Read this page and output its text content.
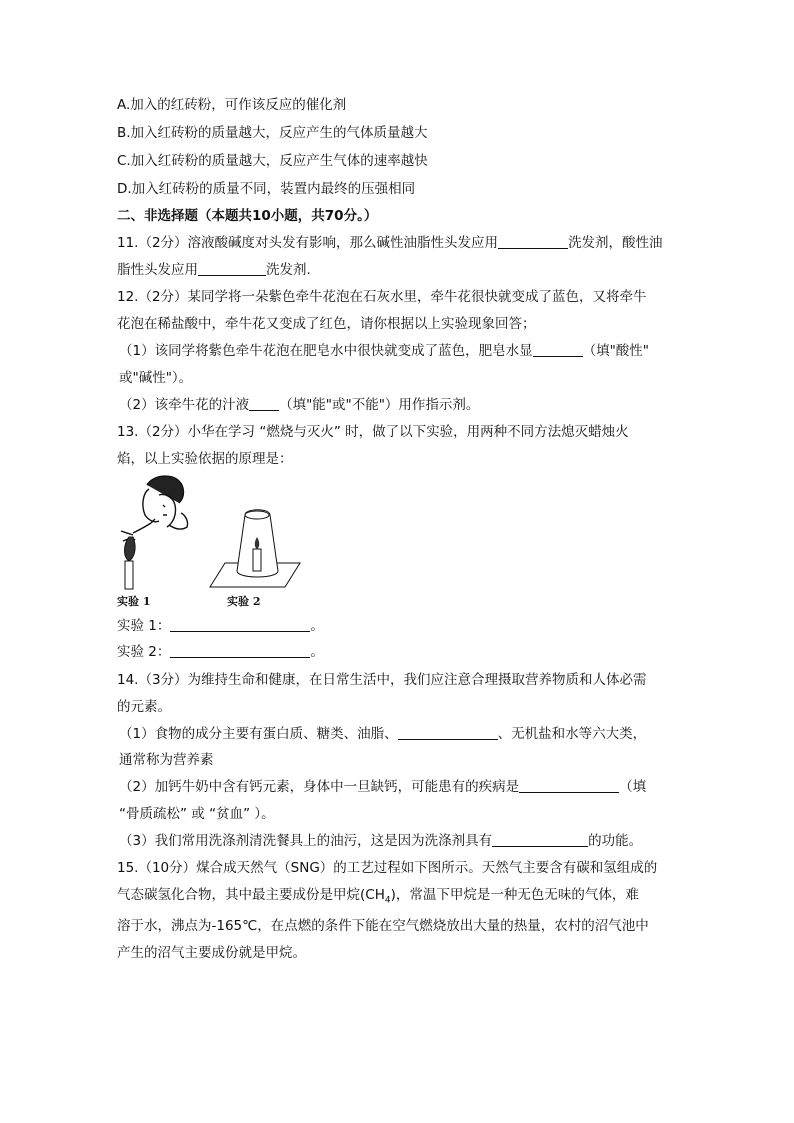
A.加入的红砖粉，可作该反应的催化剂
B.加入红砖粉的质量越大，反应产生的气体质量越大
C.加入红砖粉的质量越大，反应产生气体的速率越快
D.加入红砖粉的质量不同，装置内最终的压强相同
二、非选择题（本题共10小题，共70分。）
11.（2分）溶液酸碱度对头发有影响，那么碱性油脂性头发应用	洗发剂，酸性油
脂性头发应用	洗发剂.
12.（2分）某同学将一朵紫色牵牛花泡在石灰水里，牵牛花很快就变成了蓝色，又将牵牛
花泡在稀盐酸中，牵牛花又变成了红色，请你根据以上实验现象回答；
（1）该同学将紫色牵牛花泡在肥皂水中很快就变成了蓝色，肥皂水显	（填"酸性"
或"碱性"）。
（2）该牵牛花的汁液 （填"能"或"不能"）用作指示剂。
13.（2分）小华在学习 “燃烧与灭火” 时，做了以下实验，用两种不同方法熄灭蜡烛火
焰，以上实验依据的原理是：
实验 1	实验 2
实验 1：	。
实验 2：	。
14.（3分）为维持生命和健康，在日常生活中，我们应注意合理摄取营养物质和人体必需
的元素。
（1）食物的成分主要有蛋白质、糖类、油脂、	、无机盐和水等六大类，
通常称为营养素
（2）加钙牛奶中含有钙元素，身体中一旦缺钙，可能患有的疾病是	（填
“骨质疏松” 或 “贫血” ）。
（3）我们常用洗涤剂清洗餐具上的油污，这是因为洗涤剂具有	的功能。
15.（10分）煤合成天然气（SNG）的工艺过程如下图所示。天然气主要含有碳和氢组成的
气态碳氢化合物，其中最主要成份是甲烷$(CH_4)$，常温下甲烷是一种无色无味的气体，难
溶于水，沸点为-165℃，在点燃的条件下能在空气燃烧放出大量的热量，农村的沼气池中
产生的沼气主要成份就是甲烷。
